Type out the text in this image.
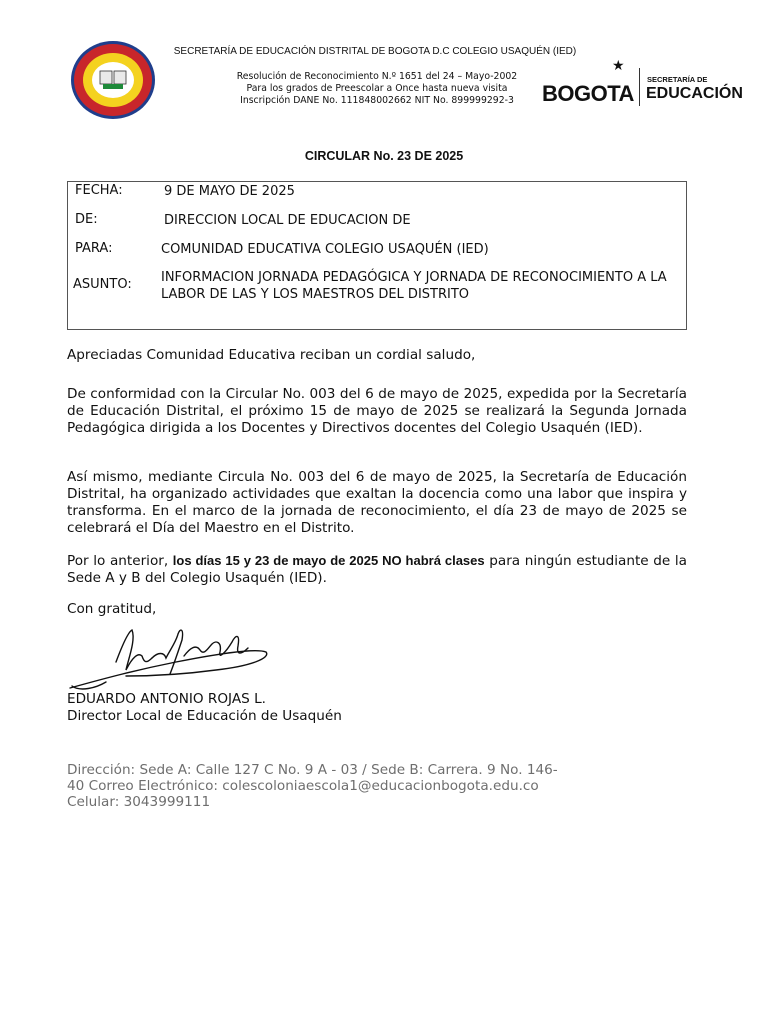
SECRETARÍA DE EDUCACIÓN DISTRITAL DE BOGOTA D.C COLEGIO USAQUÉN (IED)
Resolución de Reconocimiento N.º 1651 del 24 – Mayo-2002 Para los grados de Preescolar a Once hasta nueva visita Inscripción DANE No. 111848002662 NIT No. 899999292-3	BOGOTA
★
SECRETARÍA DE
EDUCACIÓN
CIRCULAR No. 23 DE 2025
FECHA:	9 DE MAYO DE 2025
DE:	DIRECCION LOCAL DE EDUCACION DE
PARA:	COMUNIDAD EDUCATIVA COLEGIO USAQUÉN (IED)
ASUNTO: INFORMACION JORNADA PEDAGÓGICA Y JORNADA DE RECONOCIMIENTO A LA LABOR DE LAS Y LOS MAESTROS DEL DISTRITO
Apreciadas Comunidad Educativa reciban un cordial saludo,
De conformidad con la Circular No. 003 del 6 de mayo de 2025, expedida por la Secretaría de Educación Distrital, el próximo 15 de mayo de 2025 se realizará la Segunda Jornada Pedagógica dirigida a los Docentes y Directivos docentes del Colegio Usaquén (IED).
Así mismo, mediante Circula No. 003 del 6 de mayo de 2025, la Secretaría de Educación Distrital, ha organizado actividades que exaltan la docencia como una labor que inspira y transforma. En el marco de la jornada de reconocimiento, el día 23 de mayo de 2025 se celebrará el Día del Maestro en el Distrito.
Por lo anterior, los días 15 y 23 de mayo de 2025 NO habrá clases para ningún estudiante de la Sede A y B del Colegio Usaquén (IED).
Con gratitud,
EDUARDO ANTONIO ROJAS L.
Director Local de Educación de Usaquén
Dirección: Sede A: Calle 127 C No. 9 A - 03 / Sede B: Carrera. 9 No. 146-
40 Correo Electrónico: colescoloniaescola1@educacionbogota.edu.co
Celular: 3043999111
